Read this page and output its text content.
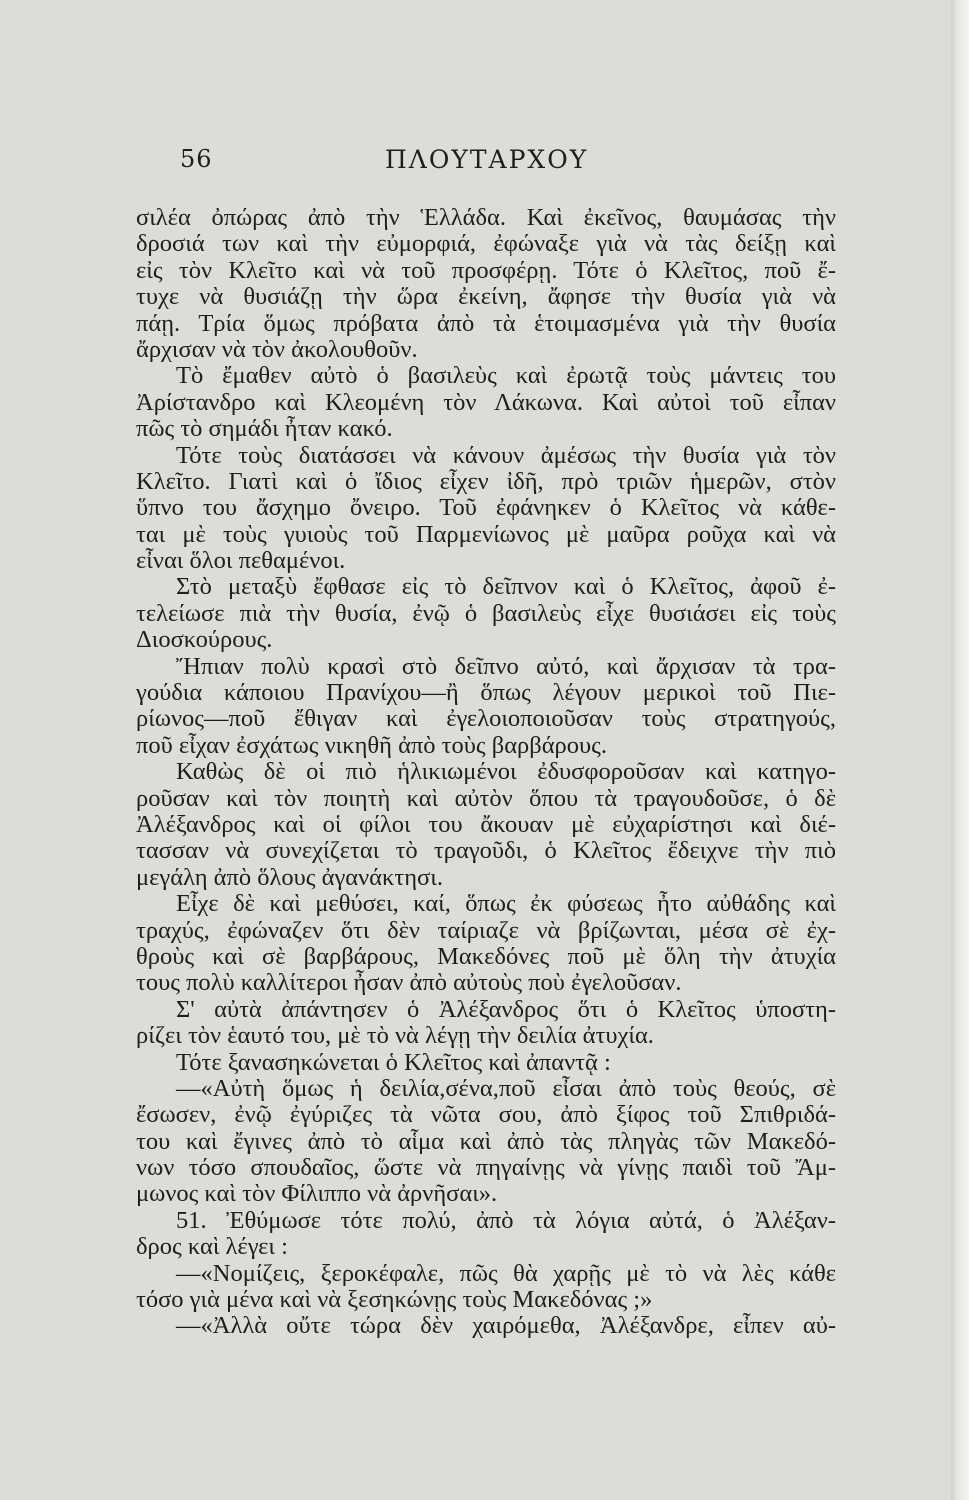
56	ΠΛΟΥΤΑΡΧΟΥ
σιλέα ὀπώρας ἀπὸ τὴν Ἑλλάδα. Καὶ ἐκεῖνος, θαυμάσας τὴν
δροσιά των καὶ τὴν εὐμορφιά, ἐφώναξε γιὰ νὰ τὰς δείξῃ καὶ
εἰς τὸν Κλεῖτο καὶ νὰ τοῦ προσφέρῃ. Τότε ὁ Κλεῖτος, ποῦ ἔ-
τυχε νὰ θυσιάζῃ τὴν ὥρα ἐκείνη, ἄφησε τὴν θυσία γιὰ νὰ
πάῃ. Τρία ὅμως πρόβατα ἀπὸ τὰ ἑτοιμασμένα γιὰ τὴν θυσία
ἄρχισαν νὰ τὸν ἀκολουθοῦν.
Τὸ ἔμαθεν αὐτὸ ὁ βασιλεὺς καὶ ἐρωτᾷ τοὺς μάντεις του
Ἀρίστανδρο καὶ Κλεομένη τὸν Λάκωνα. Καὶ αὐτοὶ τοῦ εἶπαν
πῶς τὸ σημάδι ἦταν κακό.
Τότε τοὺς διατάσσει νὰ κάνουν ἀμέσως τὴν θυσία γιὰ τὸν
Κλεῖτο. Γιατὶ καὶ ὁ ἴδιος εἶχεν ἰδῆ, πρὸ τριῶν ἡμερῶν, στὸν
ὕπνο του ἄσχημο ὄνειρο. Τοῦ ἐφάνηκεν ὁ Κλεῖτος νὰ κάθε-
ται μὲ τοὺς γυιοὺς τοῦ Παρμενίωνος μὲ μαῦρα ροῦχα καὶ νὰ
εἶναι ὅλοι πεθαμένοι.
Στὸ μεταξὺ ἔφθασε εἰς τὸ δεῖπνον καὶ ὁ Κλεῖτος, ἀφοῦ ἐ-
τελείωσε πιὰ τὴν θυσία, ἐνῷ ὁ βασιλεὺς εἶχε θυσιάσει εἰς τοὺς
Διοσκούρους.
Ἤπιαν πολὺ κρασὶ στὸ δεῖπνο αὐτό, καὶ ἄρχισαν τὰ τρα-
γούδια κάποιου Πρανίχου—ἢ ὅπως λέγουν μερικοὶ τοῦ Πιε-
ρίωνος—ποῦ ἔθιγαν καὶ ἐγελοιοποιοῦσαν τοὺς στρατηγούς,
ποῦ εἶχαν ἐσχάτως νικηθῆ ἀπὸ τοὺς βαρβάρους.
Καθὼς δὲ οἱ πιὸ ἡλικιωμένοι ἐδυσφοροῦσαν καὶ κατηγο-
ροῦσαν καὶ τὸν ποιητὴ καὶ αὐτὸν ὅπου τὰ τραγουδοῦσε, ὁ δὲ
Ἀλέξανδρος καὶ οἱ φίλοι του ἄκουαν μὲ εὐχαρίστησι καὶ διέ-
τασσαν νὰ συνεχίζεται τὸ τραγοῦδι, ὁ Κλεῖτος ἔδειχνε τὴν πιὸ
μεγάλη ἀπὸ ὅλους ἀγανάκτησι.
Εἶχε δὲ καὶ μεθύσει, καί, ὅπως ἐκ φύσεως ἦτο αὐθάδης καὶ
τραχύς, ἐφώναζεν ὅτι δὲν ταίριαζε νὰ βρίζωνται, μέσα σὲ ἐχ-
θροὺς καὶ σὲ βαρβάρους, Μακεδόνες ποῦ μὲ ὅλη τὴν ἀτυχία
τους πολὺ καλλίτεροι ἦσαν ἀπὸ αὐτοὺς ποὺ ἐγελοῦσαν.
Σ' αὐτὰ ἀπάντησεν ὁ Ἀλέξανδρος ὅτι ὁ Κλεῖτος ὑποστη-
ρίζει τὸν ἑαυτό του, μὲ τὸ νὰ λέγῃ τὴν δειλία ἀτυχία.
Τότε ξανασηκώνεται ὁ Κλεῖτος καὶ ἀπαντᾷ :
—«Αὐτὴ ὅμως ἡ δειλία,σένα,ποῦ εἶσαι ἀπὸ τοὺς θεούς, σὲ
ἔσωσεν, ἐνῷ ἐγύριζες τὰ νῶτα σου, ἀπὸ ξίφος τοῦ Σπιθριδά-
του καὶ ἔγινες ἀπὸ τὸ αἷμα καὶ ἀπὸ τὰς πληγὰς τῶν Μακεδό-
νων τόσο σπουδαῖος, ὥστε νὰ πηγαίνῃς νὰ γίνῃς παιδὶ τοῦ Ἄμ-
μωνος καὶ τὸν Φίλιππο νὰ ἀρνῆσαι».
51. Ἐθύμωσε τότε πολύ, ἀπὸ τὰ λόγια αὐτά, ὁ Ἀλέξαν-
δρος καὶ λέγει :
—«Νομίζεις, ξεροκέφαλε, πῶς θὰ χαρῇς μὲ τὸ νὰ λὲς κάθε
τόσο γιὰ μένα καὶ νὰ ξεσηκώνῃς τοὺς Μακεδόνας ;»
—«Ἀλλὰ οὔτε τώρα δὲν χαιρόμεθα, Ἀλέξανδρε, εἶπεν αὐ-
